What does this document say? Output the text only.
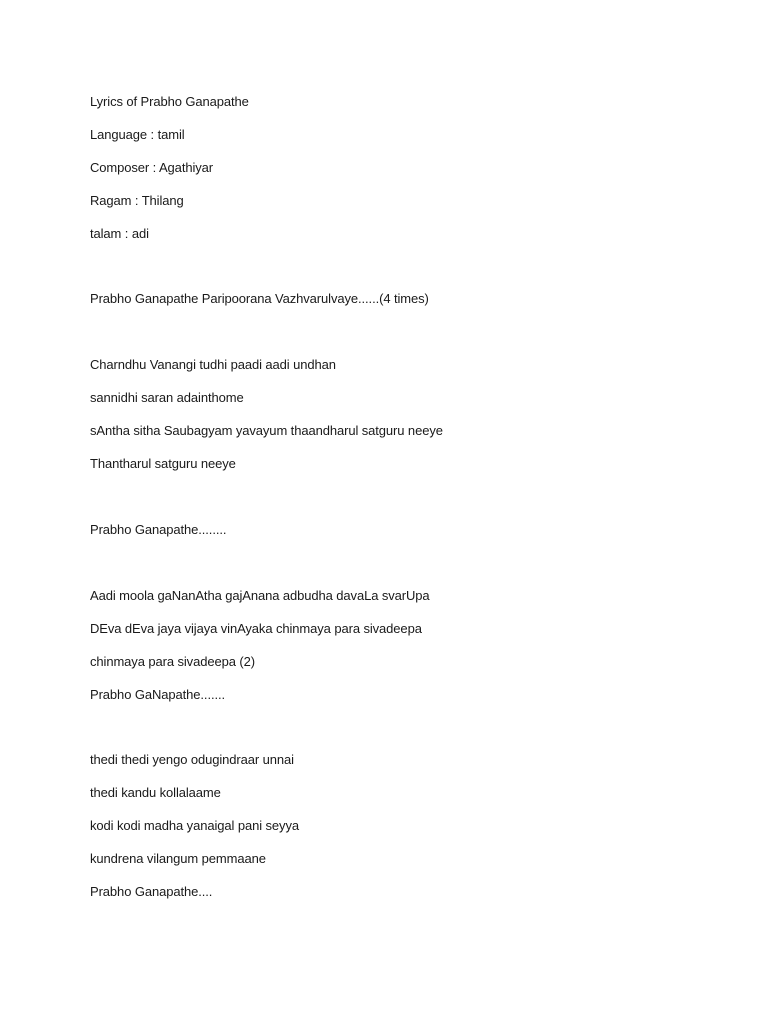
Lyrics of Prabho Ganapathe
Language : tamil
Composer : Agathiyar
Ragam : Thilang
talam : adi
Prabho Ganapathe Paripoorana Vazhvarulvaye......(4 times)
Charndhu Vanangi tudhi paadi aadi undhan
sannidhi saran adainthome
sAntha sitha Saubagyam yavayum thaandharul satguru neeye
Thantharul satguru neeye
Prabho Ganapathe........
Aadi moola gaNanAtha gajAnana adbudha davaLa svarUpa
DEva dEva jaya vijaya vinAyaka chinmaya para sivadeepa
chinmaya para sivadeepa (2)
Prabho GaNapathe.......
thedi thedi yengo odugindraar unnai
thedi kandu kollalaame
kodi kodi madha yanaigal pani seyya
kundrena vilangum pemmaane
Prabho Ganapathe....
